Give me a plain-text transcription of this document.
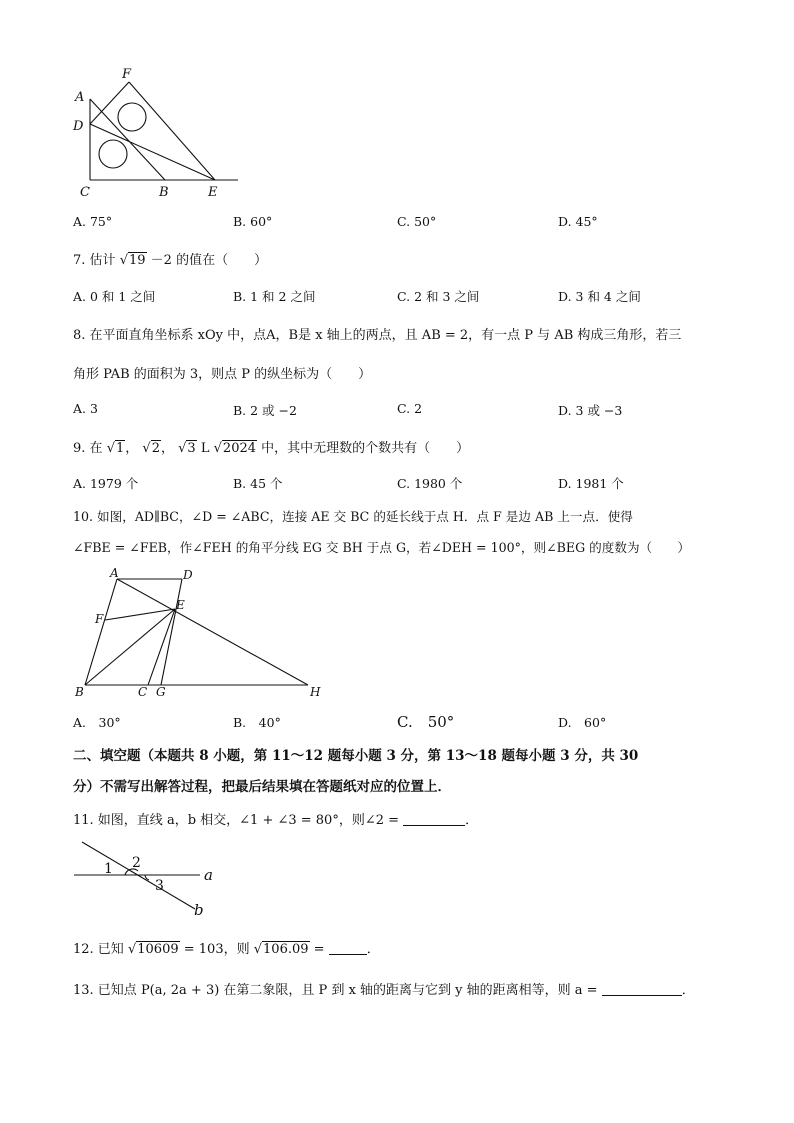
F
A
D
C	B	E
A. 75°	B. 60°	C. 50°	D. 45°
7. 估计 √19 －2 的值在（　　）
A. 0 和 1 之间	B. 1 和 2 之间	C. 2 和 3 之间	D. 3 和 4 之间
8. 在平面直角坐标系 xOy 中，点A，B是 x 轴上的两点，且 AB = 2，有一点 P 与 AB 构成三角形，若三
角形 PAB 的面积为 3，则点 P 的纵坐标为（　　）
A. 3	B. 2 或 −2	C. 2	D. 3 或 −3
9. 在 √1， √2， √3 L √2024 中，其中无理数的个数共有（　　）
A. 1979 个	B. 45 个	C. 1980 个	D. 1981 个
10. 如图，AD∥BC，∠D = ∠ABC，连接 AE 交 BC 的延长线于点 H．点 F 是边 AB 上一点．使得
∠FBE = ∠FEB，作∠FEH 的角平分线 EG 交 BH 于点 G，若∠DEH = 100°，则∠BEG 的度数为（　　）
A	D
E
F
B	C G	H
A.　30°	B.　40°	C.　50°	D.　60°
二、填空题（本题共 8 小题，第 11～12 题每小题 3 分，第 13～18 题每小题 3 分，共 30
分）不需写出解答过程，把最后结果填在答题纸对应的位置上．
11. 如图，直线 a，b 相交，∠1 + ∠3 = 80°，则∠2 =	．
1 2
3
a
b
12. 已知 √10609 = 103，则 √106.09 =	．
13. 已知点 P(a, 2a + 3) 在第二象限，且 P 到 x 轴的距离与它到 y 轴的距离相等，则 a =	．
